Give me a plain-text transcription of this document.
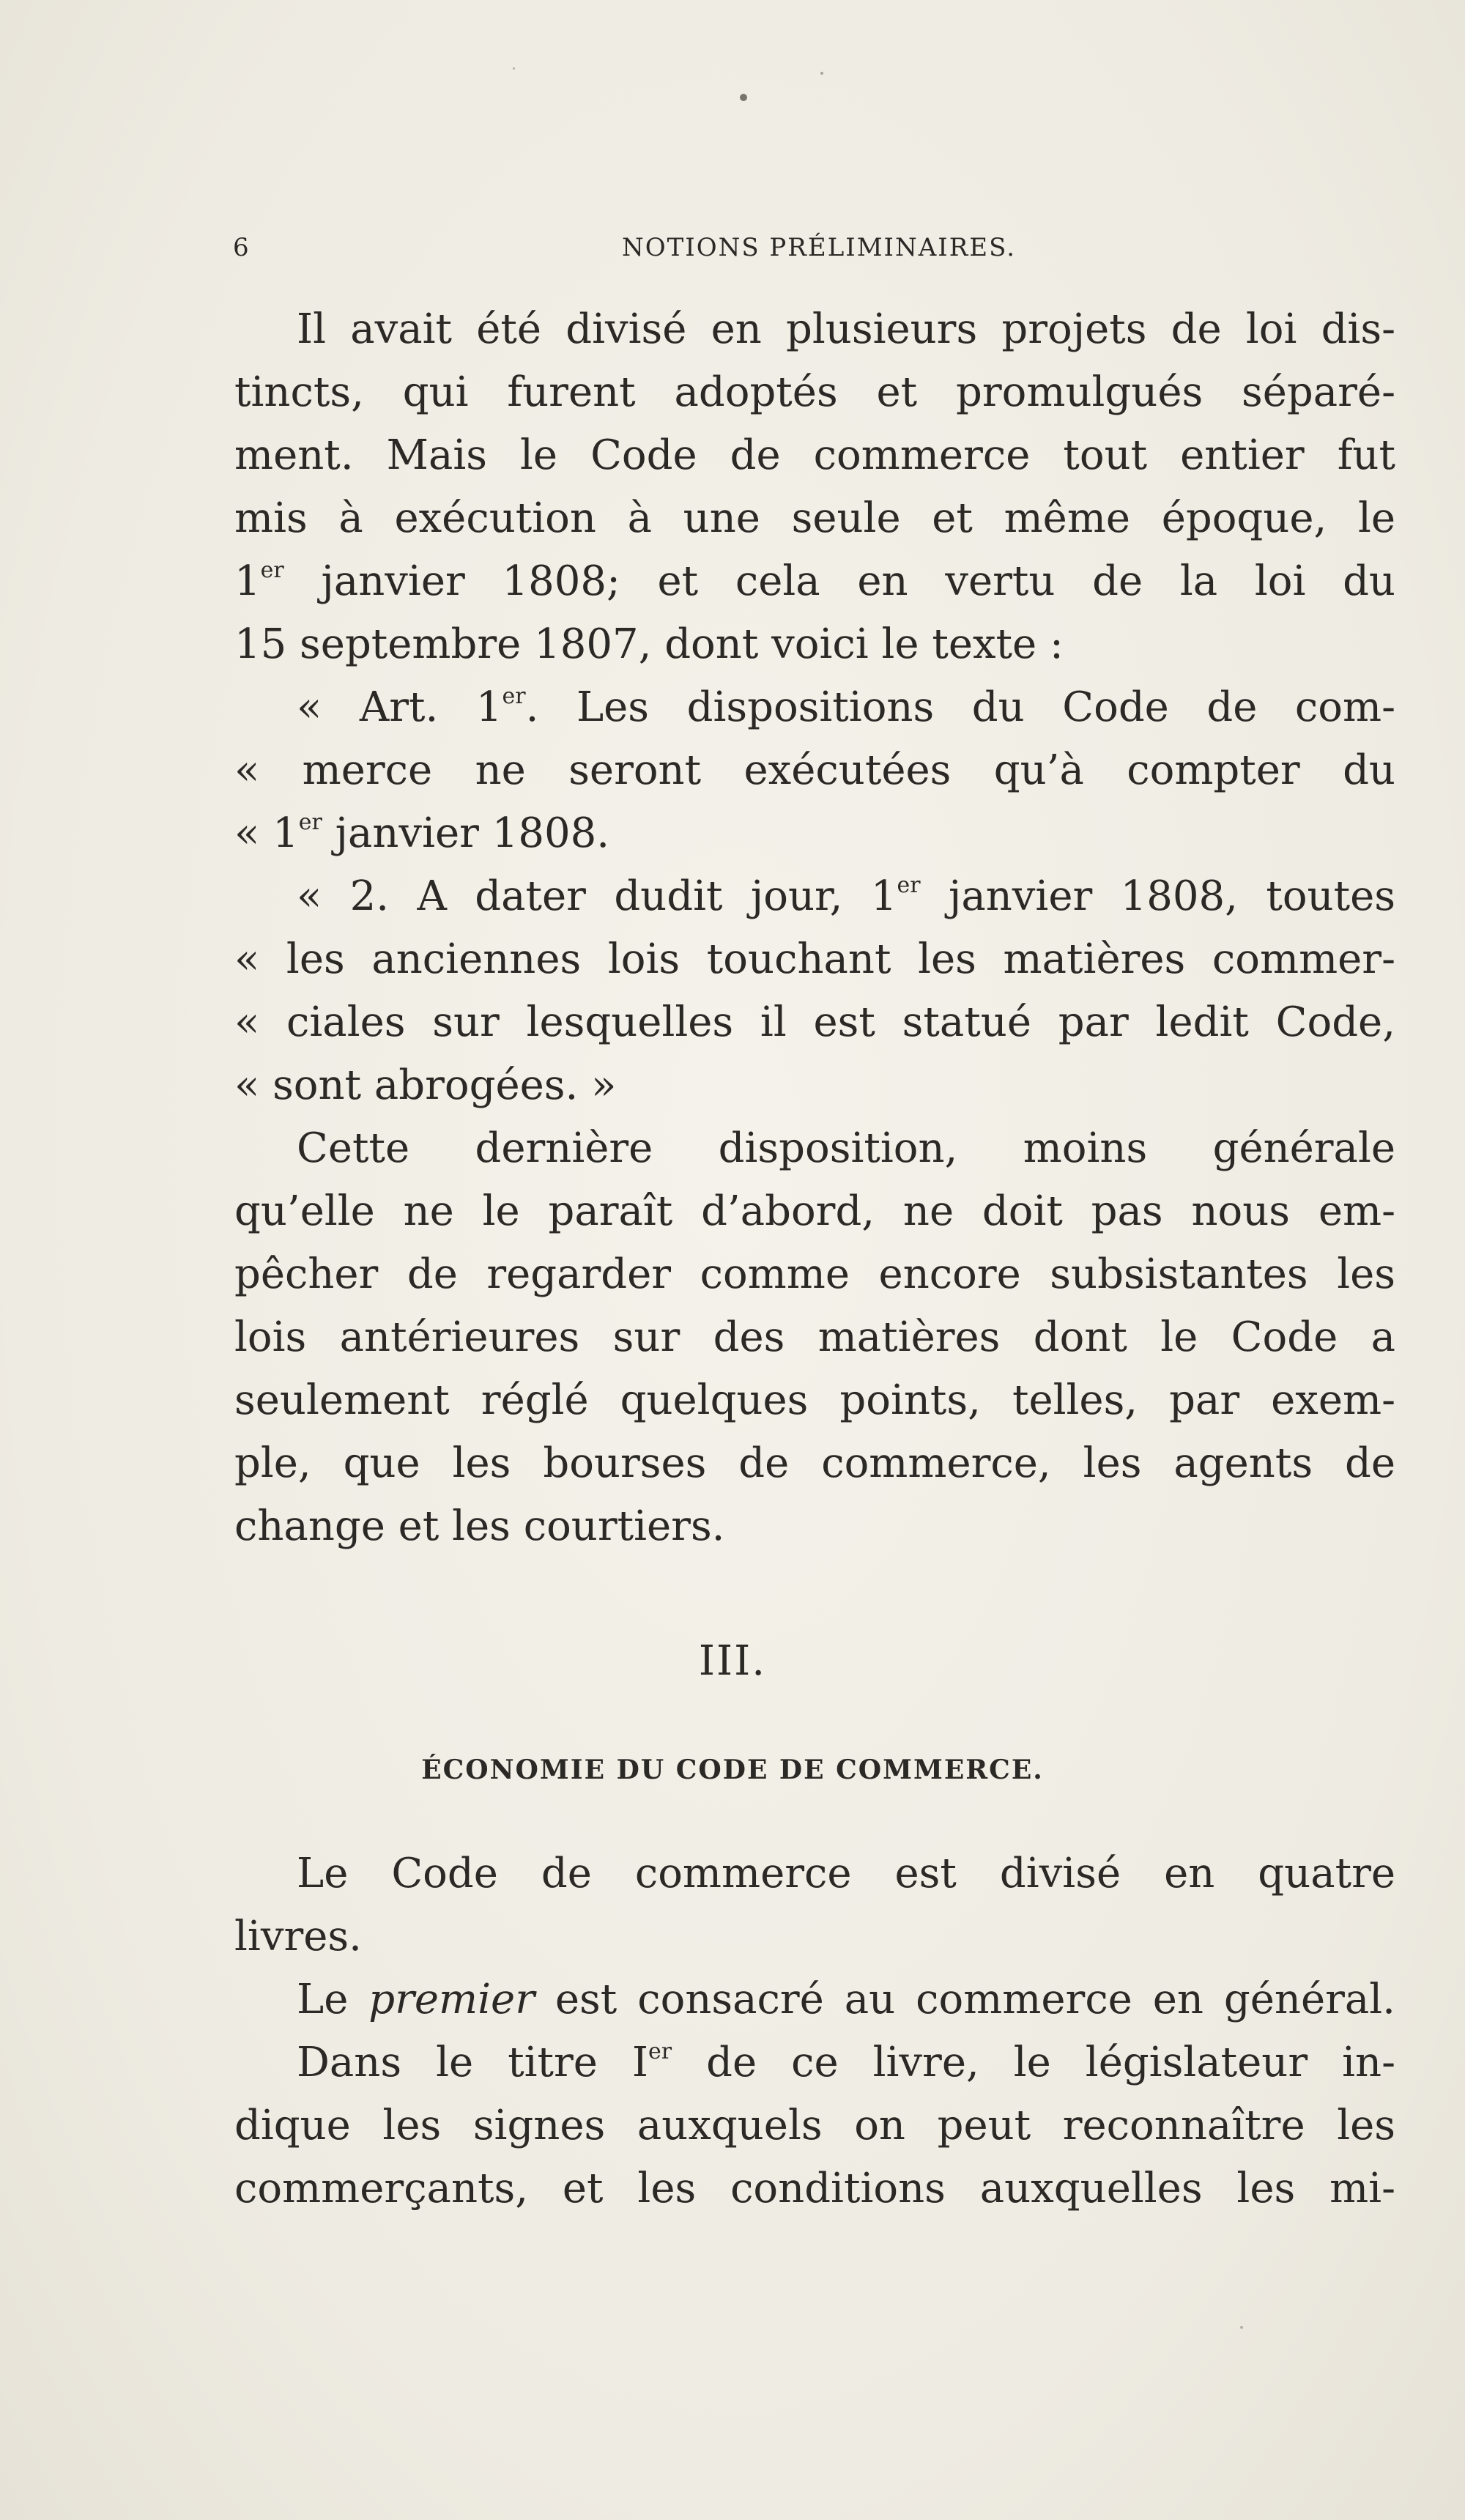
6	NOTIONS PRÉLIMINAIRES.
Il avait été divisé en plusieurs projets de loi dis-
tincts, qui furent adoptés et promulgués séparé-
ment. Mais le Code de commerce tout entier fut
mis à exécution à une seule et même époque, le
1er janvier 1808; et cela en vertu de la loi du
15 septembre 1807, dont voici le texte :
« Art. 1er. Les dispositions du Code de com-
« merce ne seront exécutées qu’à compter du
« 1er janvier 1808.
« 2. A dater dudit jour, 1er janvier 1808, toutes
« les anciennes lois touchant les matières commer-
« ciales sur lesquelles il est statué par ledit Code,
« sont abrogées. »
Cette dernière disposition, moins générale
qu’elle ne le paraît d’abord, ne doit pas nous em-
pêcher de regarder comme encore subsistantes les
lois antérieures sur des matières dont le Code a
seulement réglé quelques points, telles, par exem-
ple, que les bourses de commerce, les agents de
change et les courtiers.
III.
ÉCONOMIE DU CODE DE COMMERCE.
Le Code de commerce est divisé en quatre
livres.
Le premier est consacré au commerce en général.
Dans le titre Ier de ce livre, le législateur in-
dique les signes auxquels on peut reconnaître les
commerçants, et les conditions auxquelles les mi-
